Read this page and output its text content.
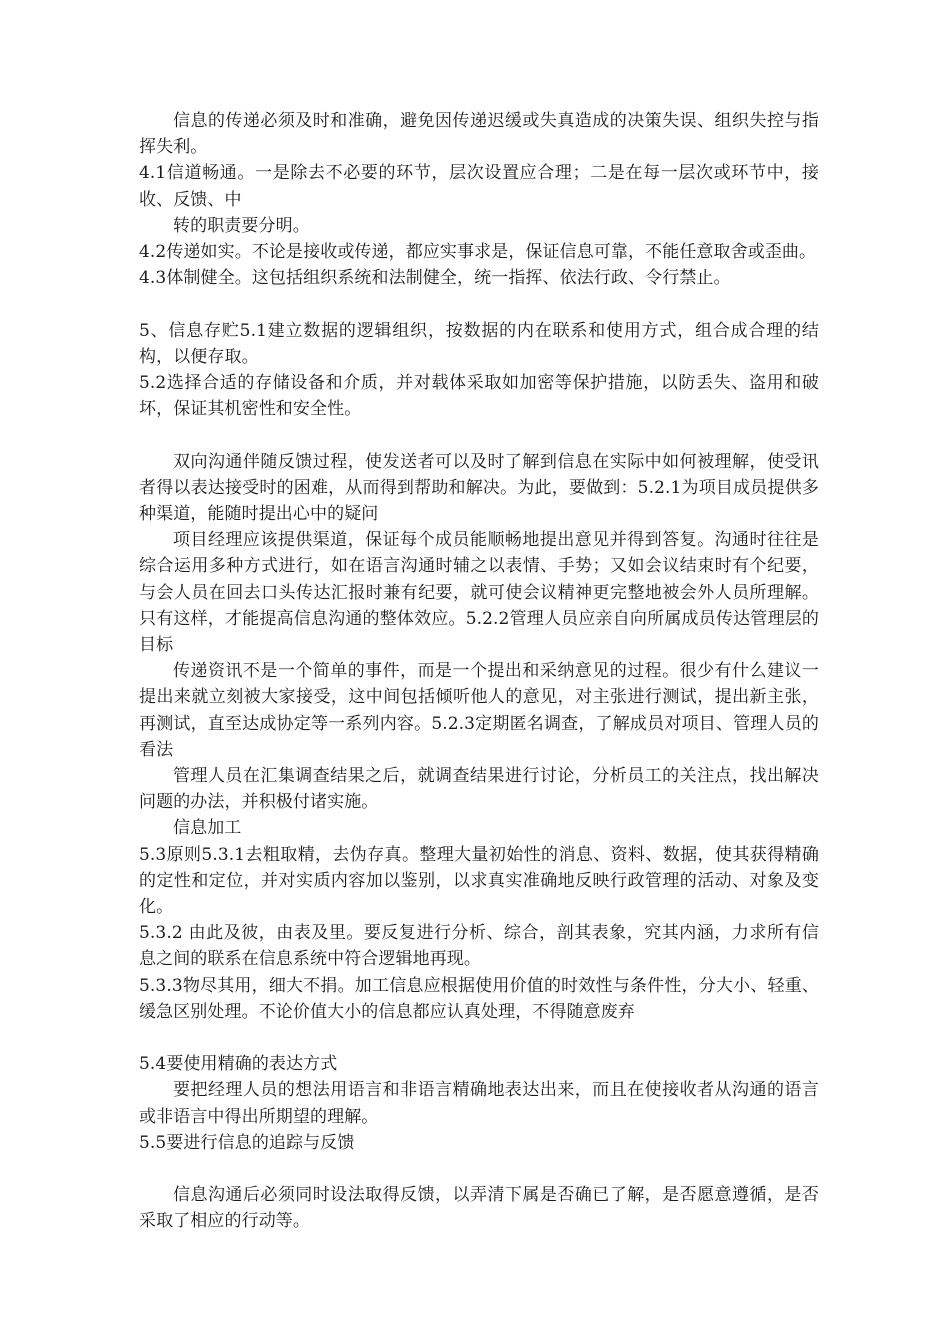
信息的传递必须及时和准确，避免因传递迟缓或失真造成的决策失误、组织失控与指挥失利。

4.1信道畅通。一是除去不必要的环节，层次设置应合理；二是在每一层次或环节中，接收、反馈、中

转的职责要分明。

4.2传递如实。不论是接收或传递，都应实事求是，保证信息可靠，不能任意取舍或歪曲。

4.3体制健全。这包括组织系统和法制健全，统一指挥、依法行政、令行禁止。

5、信息存贮5.1建立数据的逻辑组织，按数据的内在联系和使用方式，组合成合理的结构，以便存取。

5.2选择合适的存储设备和介质，并对载体采取如加密等保护措施，以防丢失、盗用和破坏，保证其机密性和安全性。

双向沟通伴随反馈过程，使发送者可以及时了解到信息在实际中如何被理解，使受讯者得以表达接受时的困难，从而得到帮助和解决。为此，要做到：5.2.1为项目成员提供多种渠道，能随时提出心中的疑问

项目经理应该提供渠道，保证每个成员能顺畅地提出意见并得到答复。沟通时往往是综合运用多种方式进行，如在语言沟通时辅之以表情、手势；又如会议结束时有个纪要，与会人员在回去口头传达汇报时兼有纪要，就可使会议精神更完整地被会外人员所理解。只有这样，才能提高信息沟通的整体效应。5.2.2管理人员应亲自向所属成员传达管理层的目标

传递资讯不是一个简单的事件，而是一个提出和采纳意见的过程。很少有什么建议一提出来就立刻被大家接受，这中间包括倾听他人的意见，对主张进行测试，提出新主张，再测试，直至达成协定等一系列内容。5.2.3定期匿名调查，了解成员对项目、管理人员的看法

管理人员在汇集调查结果之后，就调查结果进行讨论，分析员工的关注点，找出解决问题的办法，并积极付诸实施。

信息加工

5.3原则5.3.1去粗取精，去伪存真。整理大量初始性的消息、资料、数据，使其获得精确的定性和定位，并对实质内容加以鉴别，以求真实准确地反映行政管理的活动、对象及变化。

5.3.2 由此及彼，由表及里。要反复进行分析、综合，剖其表象，究其内涵，力求所有信息之间的联系在信息系统中符合逻辑地再现。

5.3.3物尽其用，细大不捐。加工信息应根据使用价值的时效性与条件性，分大小、轻重、缓急区别处理。不论价值大小的信息都应认真处理，不得随意废弃

5.4要使用精确的表达方式

要把经理人员的想法用语言和非语言精确地表达出来，而且在使接收者从沟通的语言或非语言中得出所期望的理解。

5.5要进行信息的追踪与反馈

信息沟通后必须同时设法取得反馈，以弄清下属是否确已了解，是否愿意遵循，是否采取了相应的行动等。
